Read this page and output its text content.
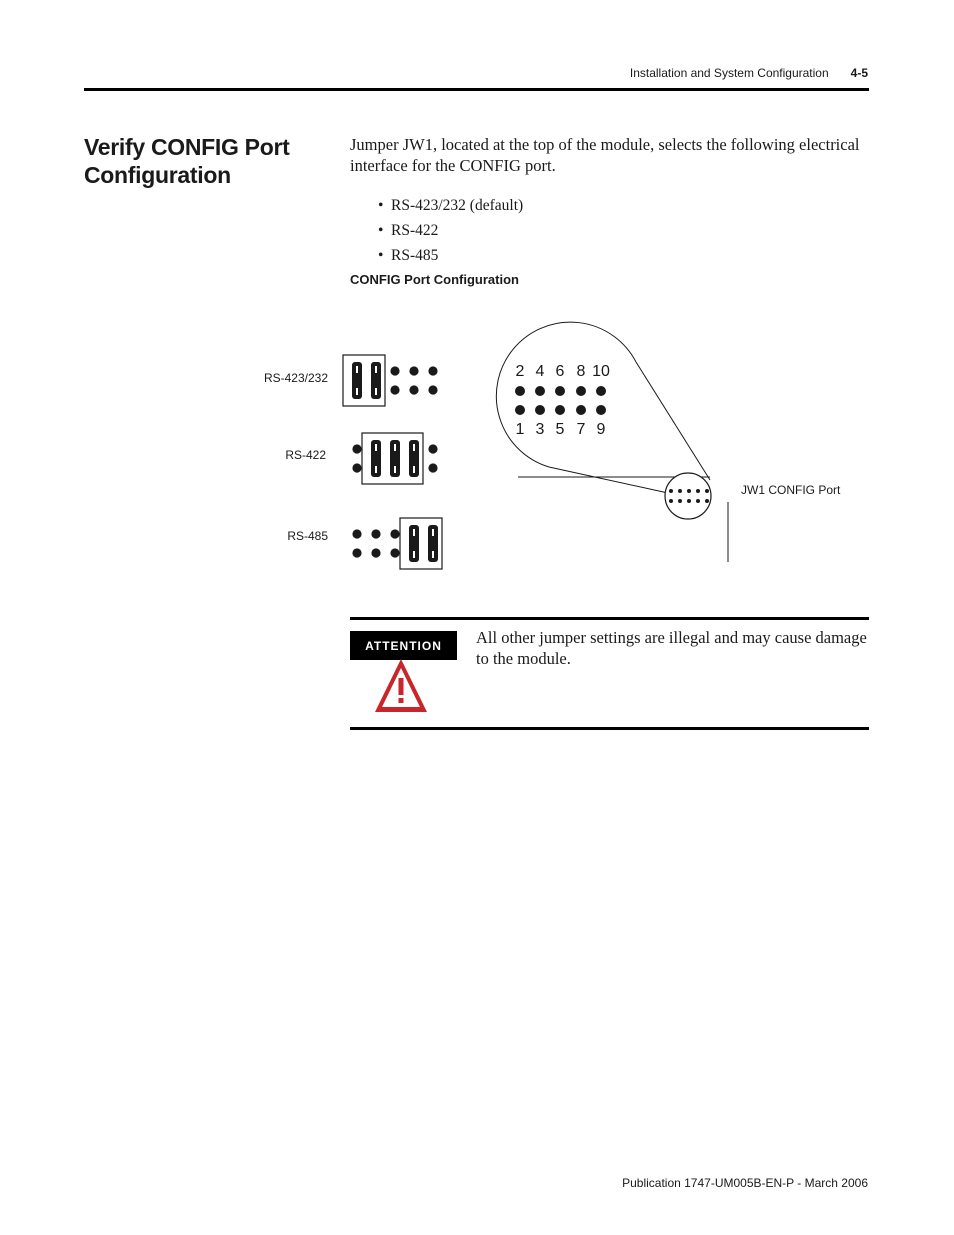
Installation and System Configuration 4-5
Verify CONFIG Port Configuration

Jumper JW1, located at the top of the module, selects the following electrical interface for the CONFIG port.

• RS-423/232 (default)
• RS-422
• RS-485
CONFIG Port Configuration
RS-423/232
RS-422
RS-485
2 4 6 8 10
1 3 5 7 9
JW1 CONFIG Port
ATTENTION	All other jumper settings are illegal and may cause damage to the module.

Publication 1747-UM005B-EN-P - March 2006
